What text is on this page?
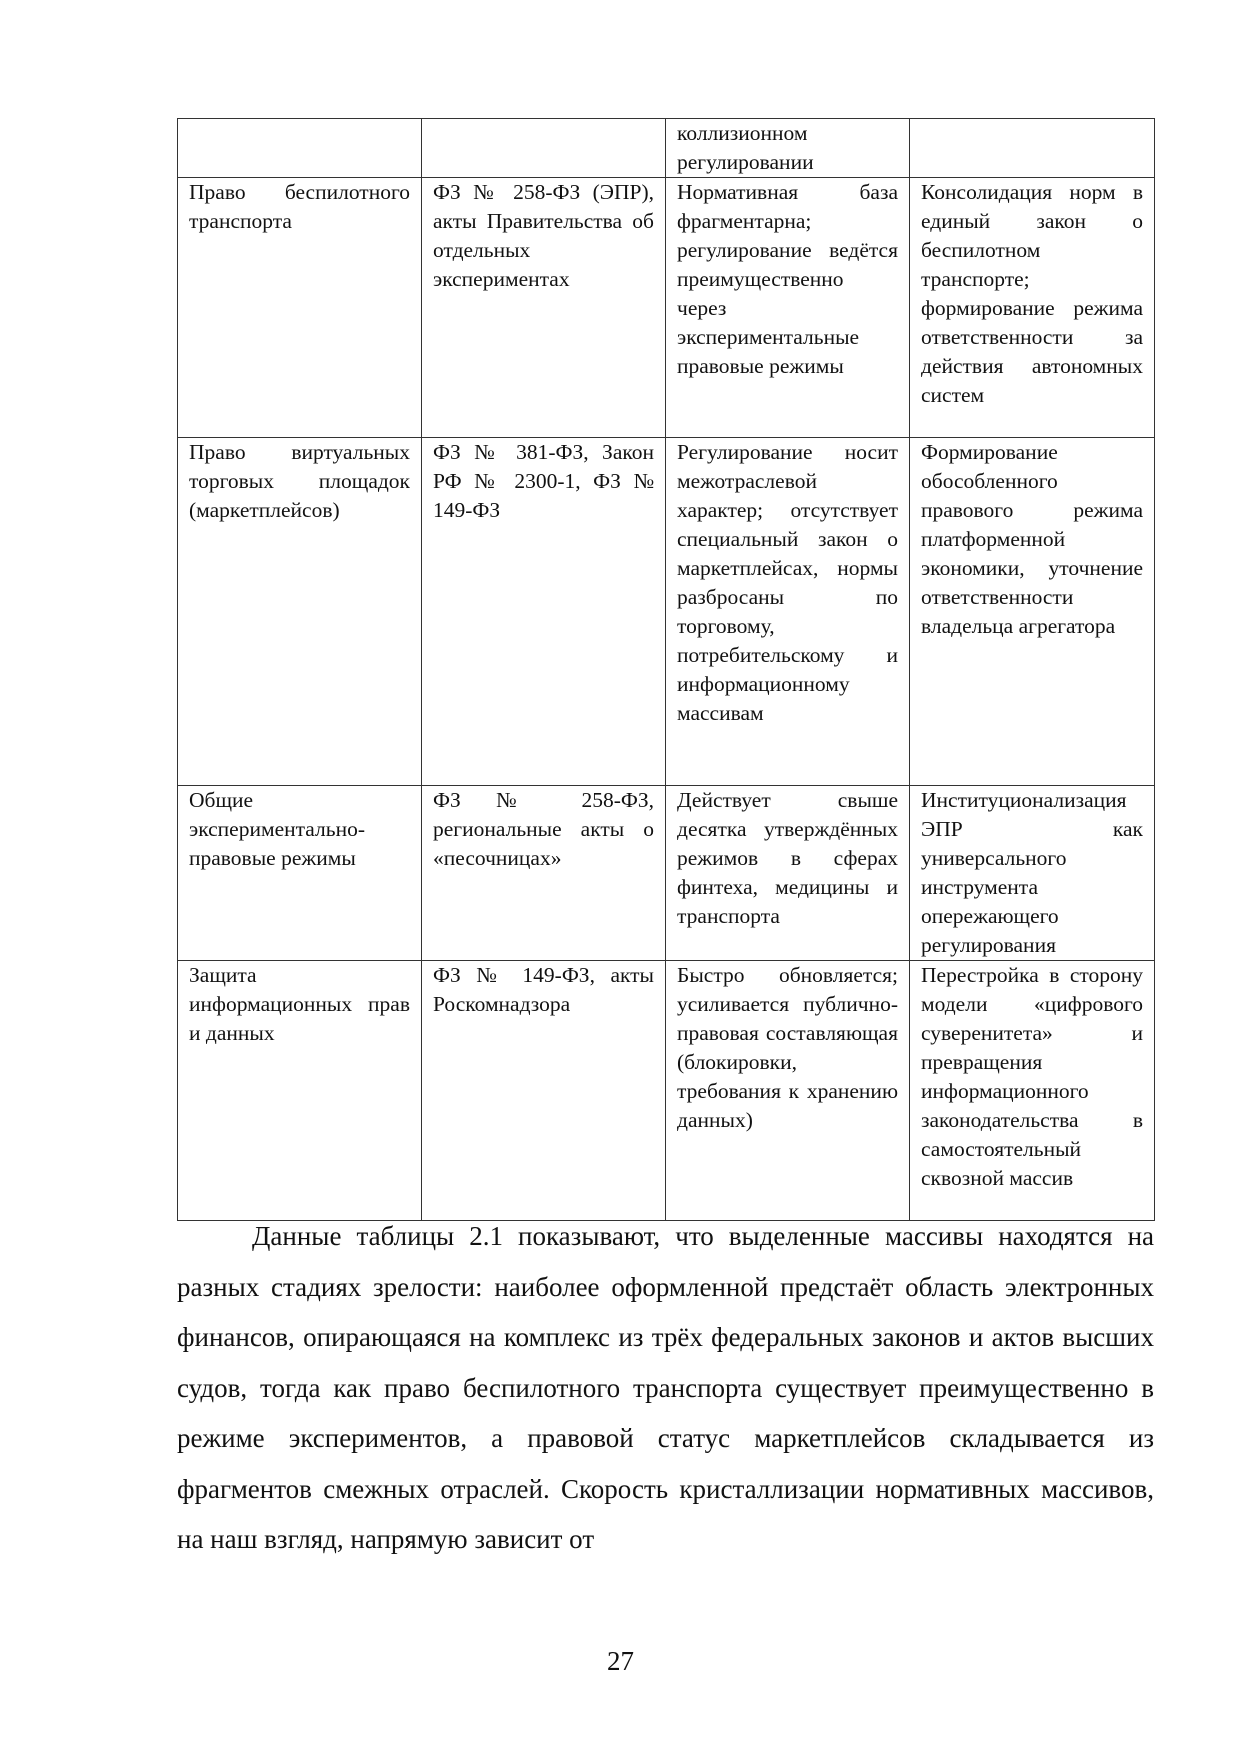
		коллизионном регулировании	
Право беспилотного транспорта	ФЗ № 258-ФЗ (ЭПР), акты Правительства об отдельных экспериментах	Нормативная база фрагментарна; регулирование ведётся преимущественно через экспериментальные правовые режимы	Консолидация норм в единый закон о беспилотном транспорте; формирование режима ответственности за действия автономных систем
Право виртуальных торговых площадок (маркетплейсов)	ФЗ № 381-ФЗ, Закон РФ № 2300-1, ФЗ № 149-ФЗ	Регулирование носит межотраслевой характер; отсутствует специальный закон о маркетплейсах, нормы разбросаны по торговому, потребительскому и информационному массивам	Формирование обособленного правового режима платформенной экономики, уточнение ответственности владельца агрегатора
Общие экспериментально-правовые режимы	ФЗ № 258-ФЗ, региональные акты о «песочницах»	Действует свыше десятка утверждённых режимов в сферах финтеха, медицины и транспорта	Институционализация ЭПР как универсального инструмента опережающего регулирования
Защита информационных прав и данных	ФЗ № 149-ФЗ, акты Роскомнадзора	Быстро обновляется; усиливается публично-правовая составляющая (блокировки, требования к хранению данных)	Перестройка в сторону модели «цифрового суверенитета» и превращения информационного законодательства в самостоятельный сквозной массив

Данные таблицы 2.1 показывают, что выделенные массивы находятся на разных стадиях зрелости: наиболее оформленной предстаёт область электронных финансов, опирающаяся на комплекс из трёх федеральных законов и актов высших судов, тогда как право беспилотного транспорта существует преимущественно в режиме экспериментов, а правовой статус маркетплейсов складывается из фрагментов смежных отраслей. Скорость кристаллизации нормативных массивов, на наш взгляд, напрямую зависит от

27
